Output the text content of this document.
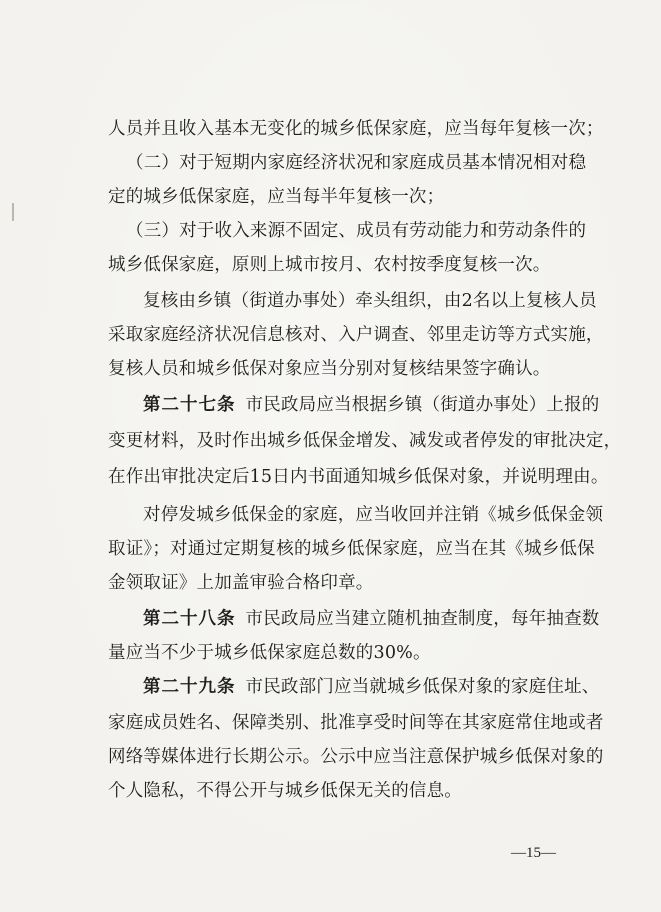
人员并且收入基本无变化的城乡低保家庭，应当每年复核一次；
（二）对于短期内家庭经济状况和家庭成员基本情况相对稳
定的城乡低保家庭，应当每半年复核一次；
（三）对于收入来源不固定、成员有劳动能力和劳动条件的
城乡低保家庭，原则上城市按月、农村按季度复核一次。
复核由乡镇（街道办事处）牵头组织，由2名以上复核人员
采取家庭经济状况信息核对、入户调查、邻里走访等方式实施，
复核人员和城乡低保对象应当分别对复核结果签字确认。
第二十七条 市民政局应当根据乡镇（街道办事处）上报的
变更材料，及时作出城乡低保金增发、减发或者停发的审批决定，
在作出审批决定后15日内书面通知城乡低保对象，并说明理由。
对停发城乡低保金的家庭，应当收回并注销《城乡低保金领
取证》；对通过定期复核的城乡低保家庭，应当在其《城乡低保
金领取证》上加盖审验合格印章。
第二十八条 市民政局应当建立随机抽查制度，每年抽查数
量应当不少于城乡低保家庭总数的30%。
第二十九条 市民政部门应当就城乡低保对象的家庭住址、
家庭成员姓名、保障类别、批准享受时间等在其家庭常住地或者
网络等媒体进行长期公示。公示中应当注意保护城乡低保对象的
个人隐私，不得公开与城乡低保无关的信息。
—15—
